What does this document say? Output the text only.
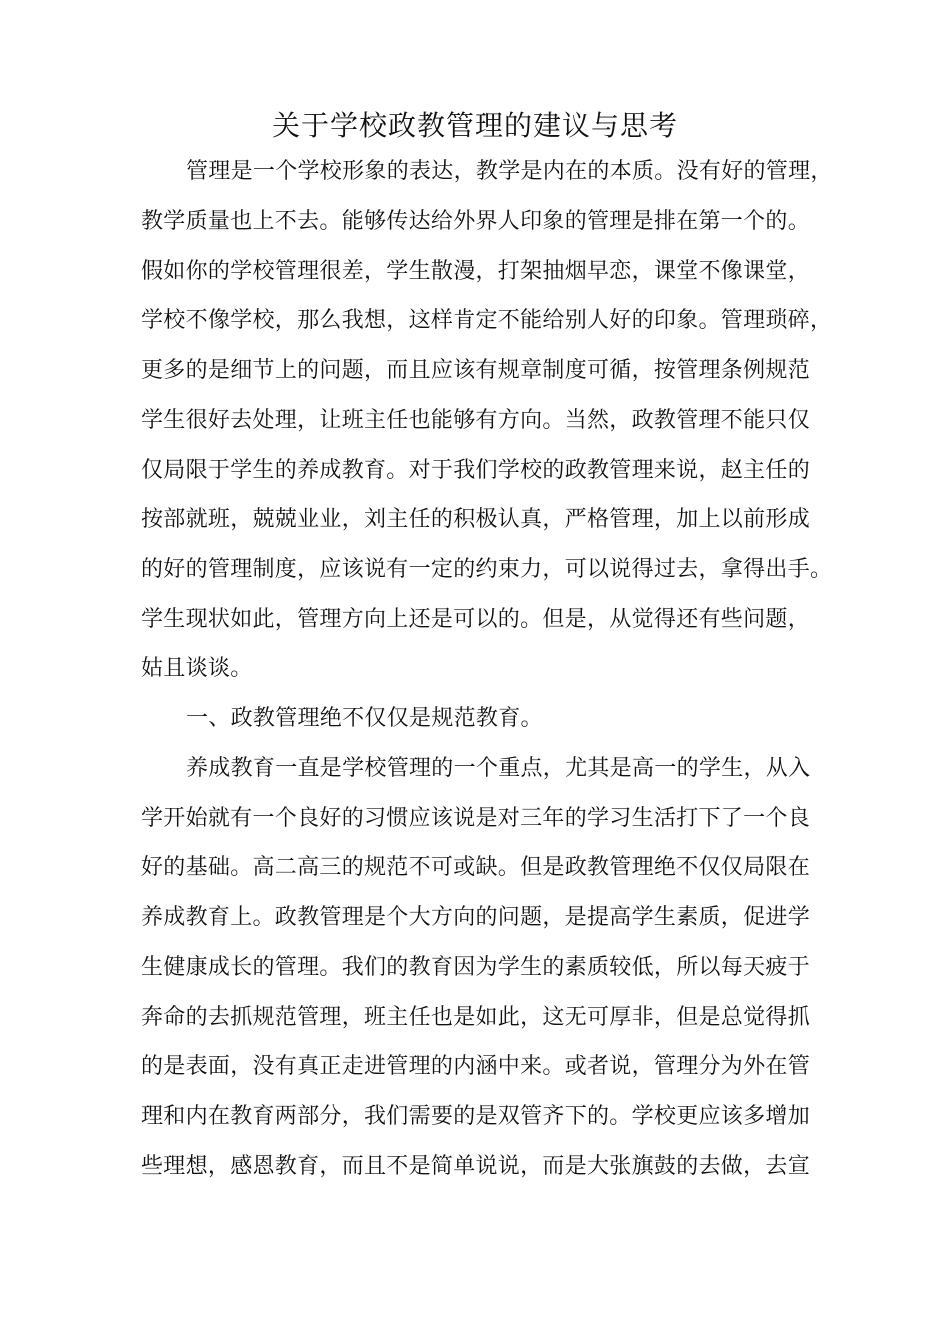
关于学校政教管理的建议与思考
管理是一个学校形象的表达，教学是内在的本质。没有好的管理，
教学质量也上不去。能够传达给外界人印象的管理是排在第一个的。
假如你的学校管理很差，学生散漫，打架抽烟早恋，课堂不像课堂，
学校不像学校，那么我想，这样肯定不能给别人好的印象。管理琐碎，
更多的是细节上的问题，而且应该有规章制度可循，按管理条例规范
学生很好去处理，让班主任也能够有方向。当然，政教管理不能只仅
仅局限于学生的养成教育。对于我们学校的政教管理来说，赵主任的
按部就班，兢兢业业，刘主任的积极认真，严格管理，加上以前形成
的好的管理制度，应该说有一定的约束力，可以说得过去，拿得出手。
学生现状如此，管理方向上还是可以的。但是，从觉得还有些问题，
姑且谈谈。
一、政教管理绝不仅仅是规范教育。
养成教育一直是学校管理的一个重点，尤其是高一的学生，从入
学开始就有一个良好的习惯应该说是对三年的学习生活打下了一个良
好的基础。高二高三的规范不可或缺。但是政教管理绝不仅仅局限在
养成教育上。政教管理是个大方向的问题，是提高学生素质，促进学
生健康成长的管理。我们的教育因为学生的素质较低，所以每天疲于
奔命的去抓规范管理，班主任也是如此，这无可厚非，但是总觉得抓
的是表面，没有真正走进管理的内涵中来。或者说，管理分为外在管
理和内在教育两部分，我们需要的是双管齐下的。学校更应该多增加
些理想，感恩教育，而且不是简单说说，而是大张旗鼓的去做，去宣
